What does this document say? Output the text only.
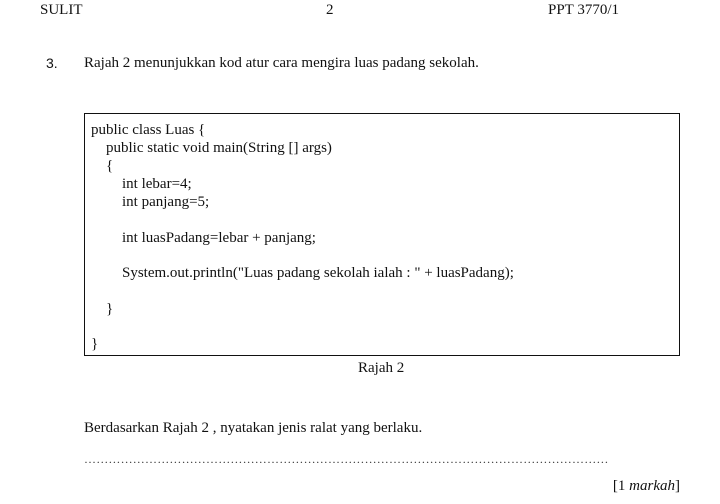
SULIT	2	PPT 3770/1
3. Rajah 2 menunjukkan kod atur cara mengira luas padang sekolah.
public class Luas {
public static void main(String [] args)
{
int lebar=4;
int panjang=5;
int luasPadang=lebar + panjang;
System.out.println("Luas padang sekolah ialah : " + luasPadang);
}
}
Rajah 2
Berdasarkan Rajah 2 , nyatakan jenis ralat yang berlaku.
…………………………………………………………………………………………………………………
[1 markah]
